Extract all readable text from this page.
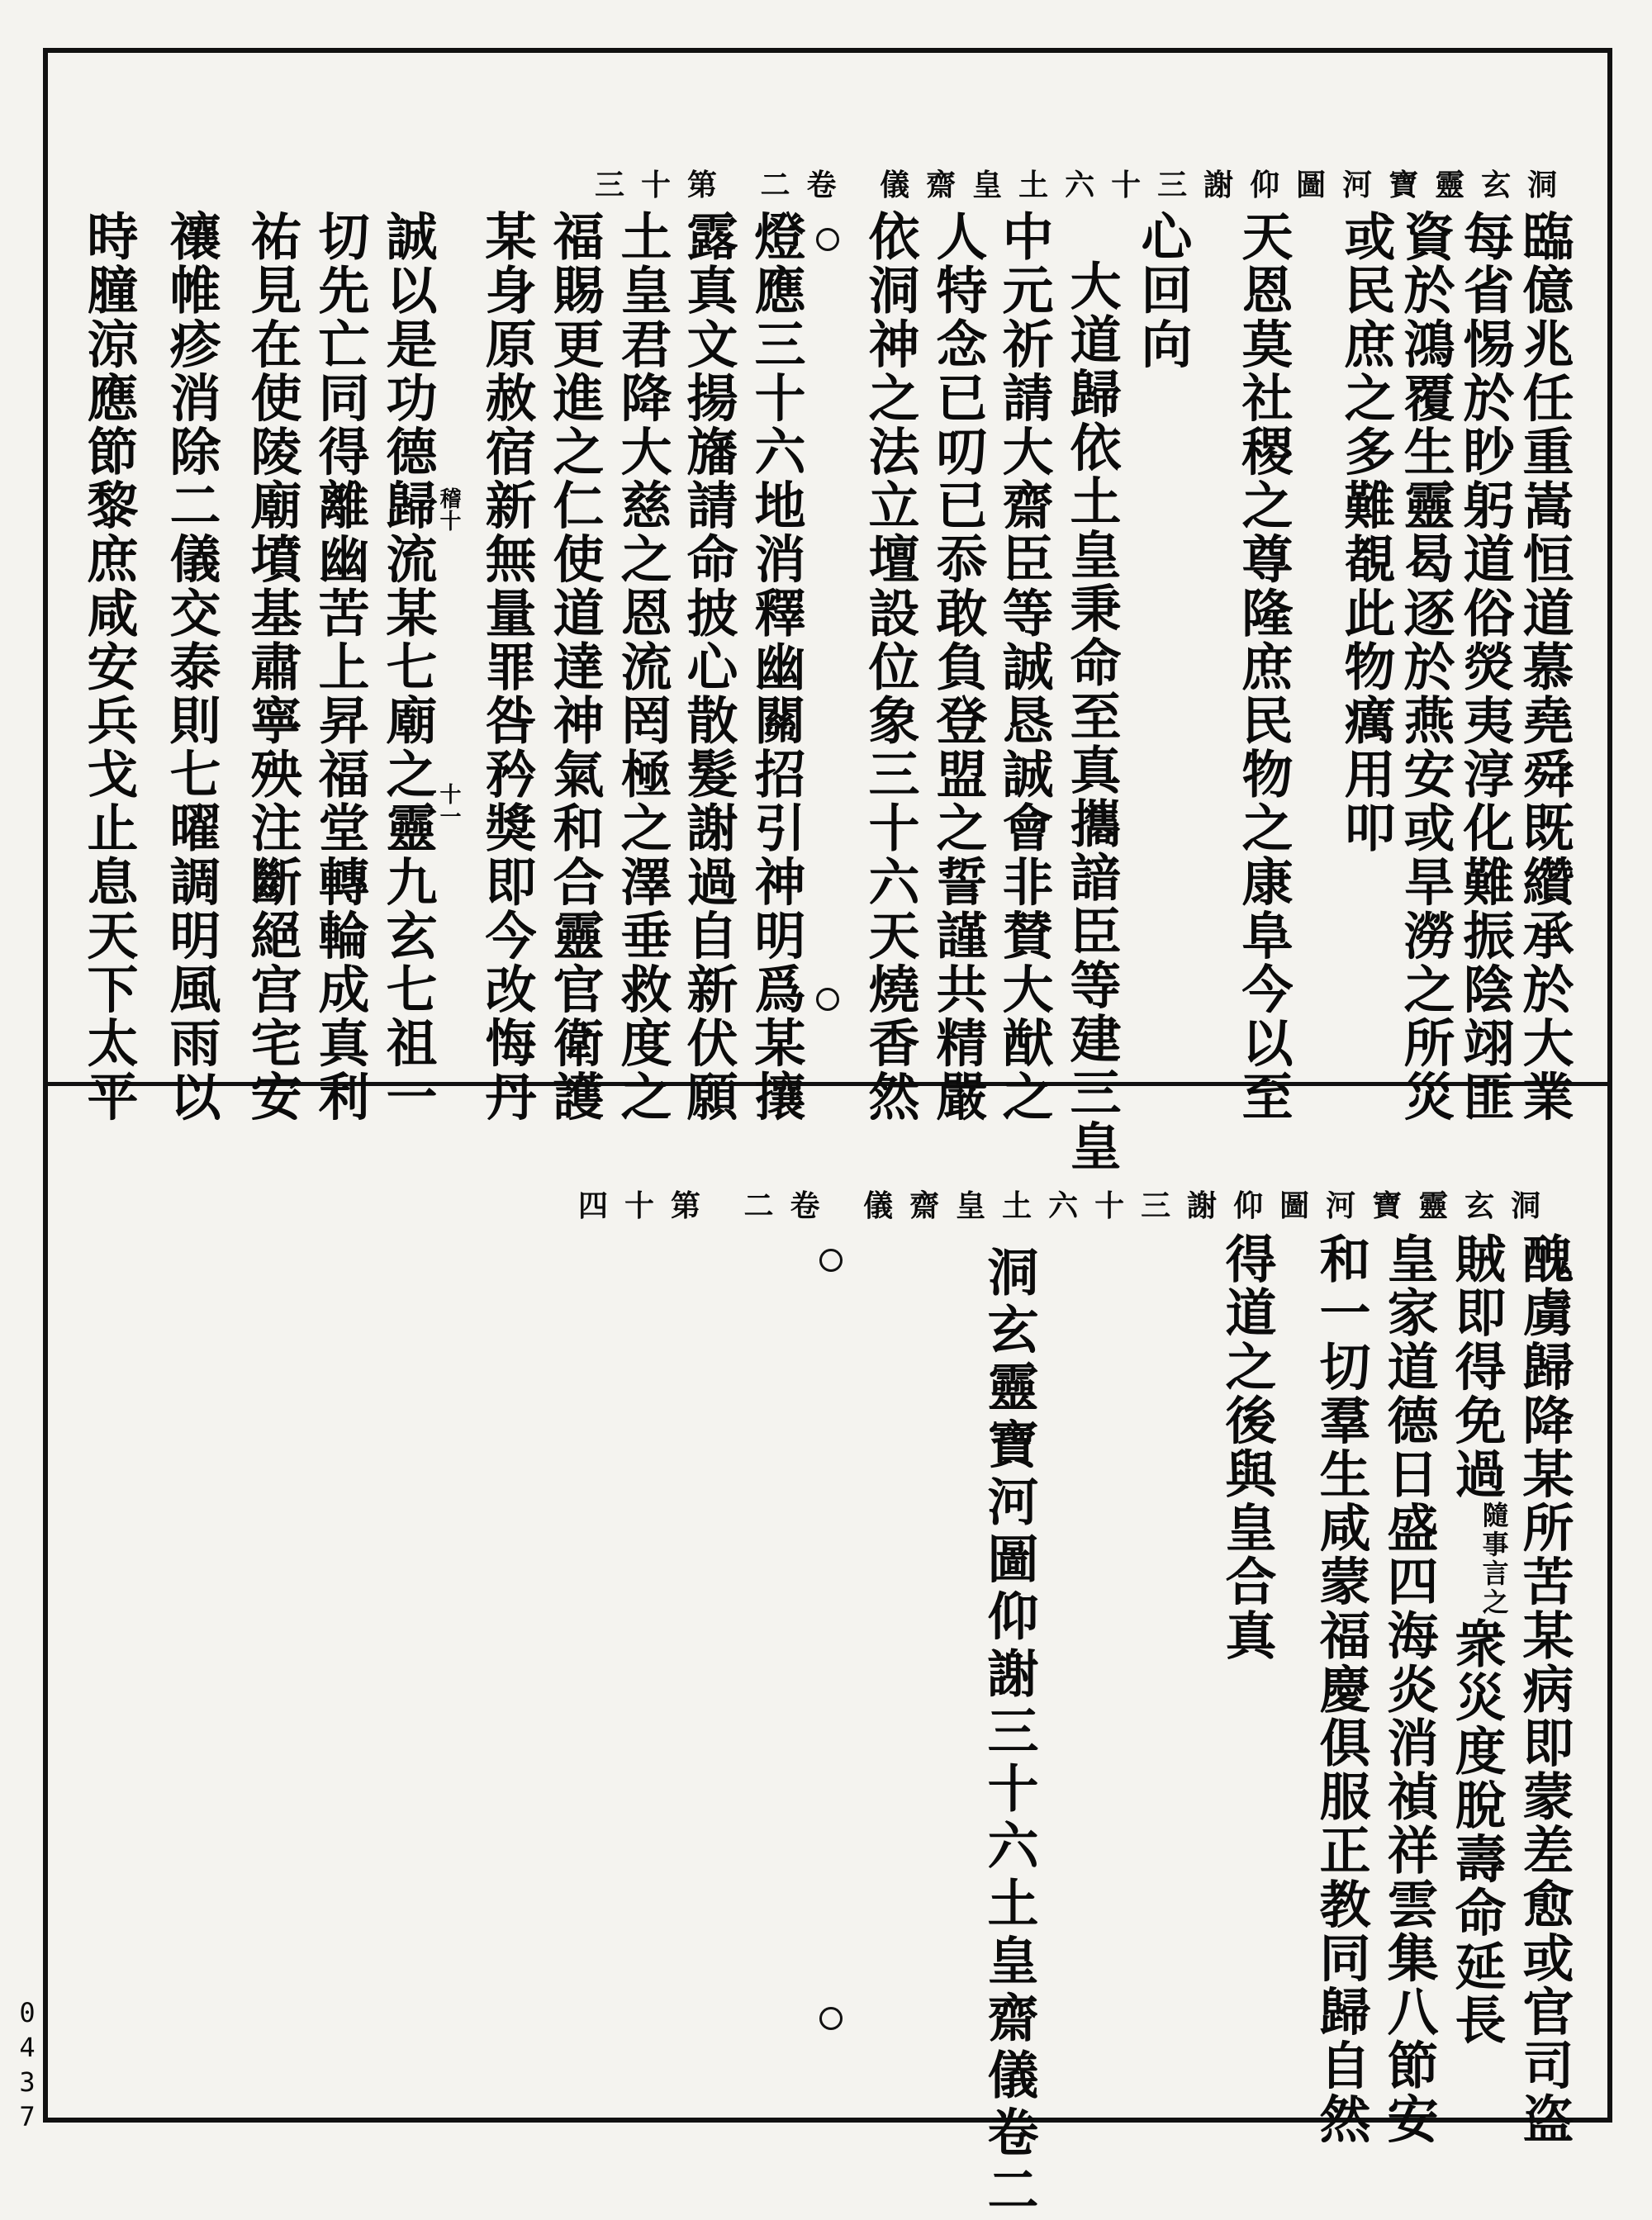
洞玄靈寶河圖仰謝三十六土皇齋儀 卷二 第十三
臨億兆任重嵩恒道慕堯舜既纘承於大業
每省惕於眇躬道俗熒夷淳化難振陰翊匪
資於鴻覆生靈曷逐於燕安或旱澇之所災
或民庶之多難覩此物癘用叩
天恩莫社稷之尊隆庶民物之康阜今以至
心回向
大道歸依土皇秉命至真攜諳臣等建三皇
中元祈請大齋臣等誠恳誠會非賛大猷之
人特念已叨已忝敢負登盟之誓謹共精嚴
依洞神之法立壇設位象三十六天燒香然
燈應三十六地消釋幽關招引神明爲某攘
露真文揚旛請命披心散髮謝過自新伏願
土皇君降大慈之恩流罔極之澤垂救度之
福賜更進之仁使道達神氣和合靈官衛護
某身原赦宿新無量罪咎矜獎即今改悔丹
誠以是功德歸流某七廟之靈九玄七祖一
切先亡同得離幽苦上昇福堂轉輪成真利
祐見在使陵廟墳基肅寧殃注斷絕宫宅安
禳帷疹消除二儀交泰則七曜調明風雨以
時膧涼應節黎庶咸安兵戈止息天下太平	稽十
十一
洞玄靈寶河圖仰謝三十六土皇齋儀 卷二 第十四
醜虜歸降某所苦某病即蒙差愈或官司盗
賊即得免過$^{隨事言之}$衆災度脫壽命延長
皇家道德日盛四海炎消禎祥雲集八節安
和一切羣生咸蒙福慶俱服正教同歸自然
得道之後與皇合真
洞玄靈寶河圖仰謝三十六土皇齋儀卷二
0437
